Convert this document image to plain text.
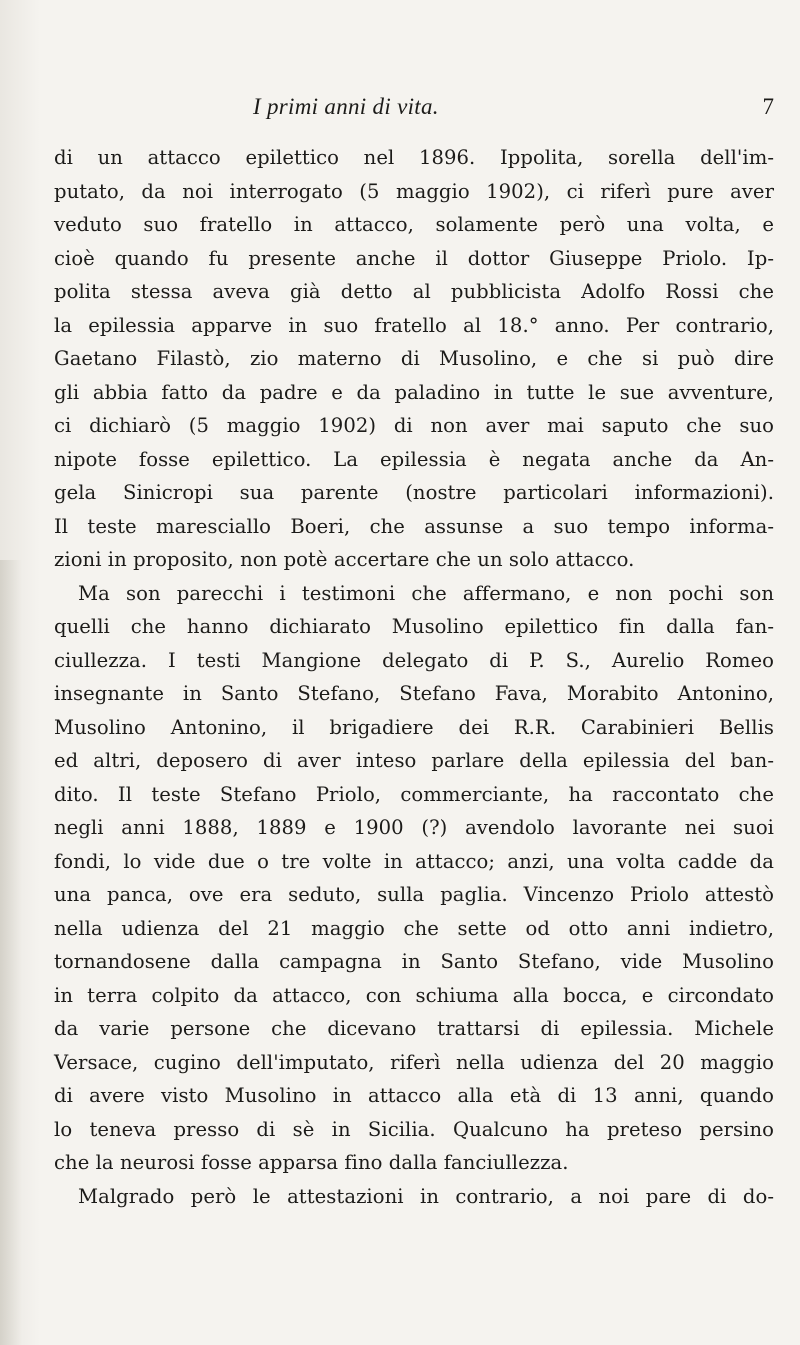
I primi anni di vita.	7
di un attacco epilettico nel 1896. Ippolita, sorella dell'im-
putato, da noi interrogato (5 maggio 1902), ci riferì pure aver
veduto suo fratello in attacco, solamente però una volta, e
cioè quando fu presente anche il dottor Giuseppe Priolo. Ip-
polita stessa aveva già detto al pubblicista Adolfo Rossi che
la epilessia apparve in suo fratello al 18.° anno. Per contrario,
Gaetano Filastò, zio materno di Musolino, e che si può dire
gli abbia fatto da padre e da paladino in tutte le sue avventure,
ci dichiarò (5 maggio 1902) di non aver mai saputo che suo
nipote fosse epilettico. La epilessia è negata anche da An-
gela Sinicropi sua parente (nostre particolari informazioni).
Il teste maresciallo Boeri, che assunse a suo tempo informa-
zioni in proposito, non potè accertare che un solo attacco.
Ma son parecchi i testimoni che affermano, e non pochi son
quelli che hanno dichiarato Musolino epilettico fin dalla fan-
ciullezza. I testi Mangione delegato di P. S., Aurelio Romeo
insegnante in Santo Stefano, Stefano Fava, Morabito Antonino,
Musolino Antonino, il brigadiere dei R.R. Carabinieri Bellis
ed altri, deposero di aver inteso parlare della epilessia del ban-
dito. Il teste Stefano Priolo, commerciante, ha raccontato che
negli anni 1888, 1889 e 1900 (?) avendolo lavorante nei suoi
fondi, lo vide due o tre volte in attacco; anzi, una volta cadde da
una panca, ove era seduto, sulla paglia. Vincenzo Priolo attestò
nella udienza del 21 maggio che sette od otto anni indietro,
tornandosene dalla campagna in Santo Stefano, vide Musolino
in terra colpito da attacco, con schiuma alla bocca, e circondato
da varie persone che dicevano trattarsi di epilessia. Michele
Versace, cugino dell'imputato, riferì nella udienza del 20 maggio
di avere visto Musolino in attacco alla età di 13 anni, quando
lo teneva presso di sè in Sicilia. Qualcuno ha preteso persino
che la neurosi fosse apparsa fino dalla fanciullezza.
Malgrado però le attestazioni in contrario, a noi pare di do-
